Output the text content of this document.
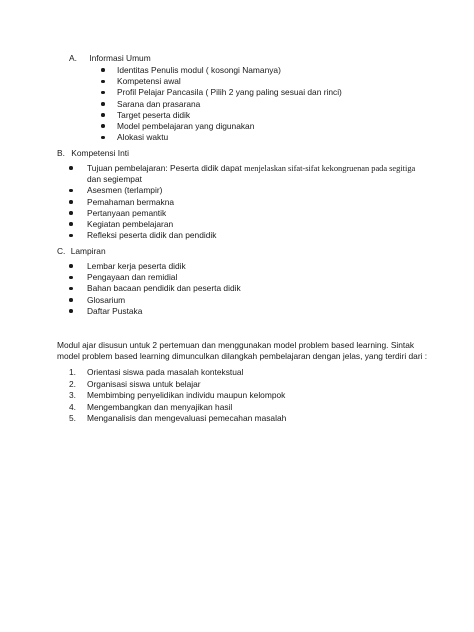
A. Informasi Umum
Identitas Penulis modul ( kosongi Namanya)
Kompetensi awal
Profil Pelajar Pancasila ( Pilih 2 yang paling sesuai dan rinci)
Sarana dan prasarana
Target peserta didik
Model pembelajaran yang digunakan
Alokasi waktu
B. Kompetensi Inti
Tujuan pembelajaran: Peserta didik dapat menjelaskan sifat-sifat kekongruenan pada segitiga
dan segiempat
Asesmen (terlampir)
Pemahaman bermakna
Pertanyaan pemantik
Kegiatan pembelajaran
Refleksi peserta didik dan pendidik
C. Lampiran
Lembar kerja peserta didik
Pengayaan dan remidial
Bahan bacaan pendidik dan peserta didik
Glosarium
Daftar Pustaka
Modul ajar disusun untuk 2 pertemuan dan menggunakan model problem based learning. Sintak
model problem based learning dimunculkan dilangkah pembelajaran dengan jelas, yang terdiri dari :
1. Orientasi siswa pada masalah kontekstual
2. Organisasi siswa untuk belajar
3. Membimbing penyelidikan individu maupun kelompok
4. Mengembangkan dan menyajikan hasil
5. Menganalisis dan mengevaluasi pemecahan masalah
